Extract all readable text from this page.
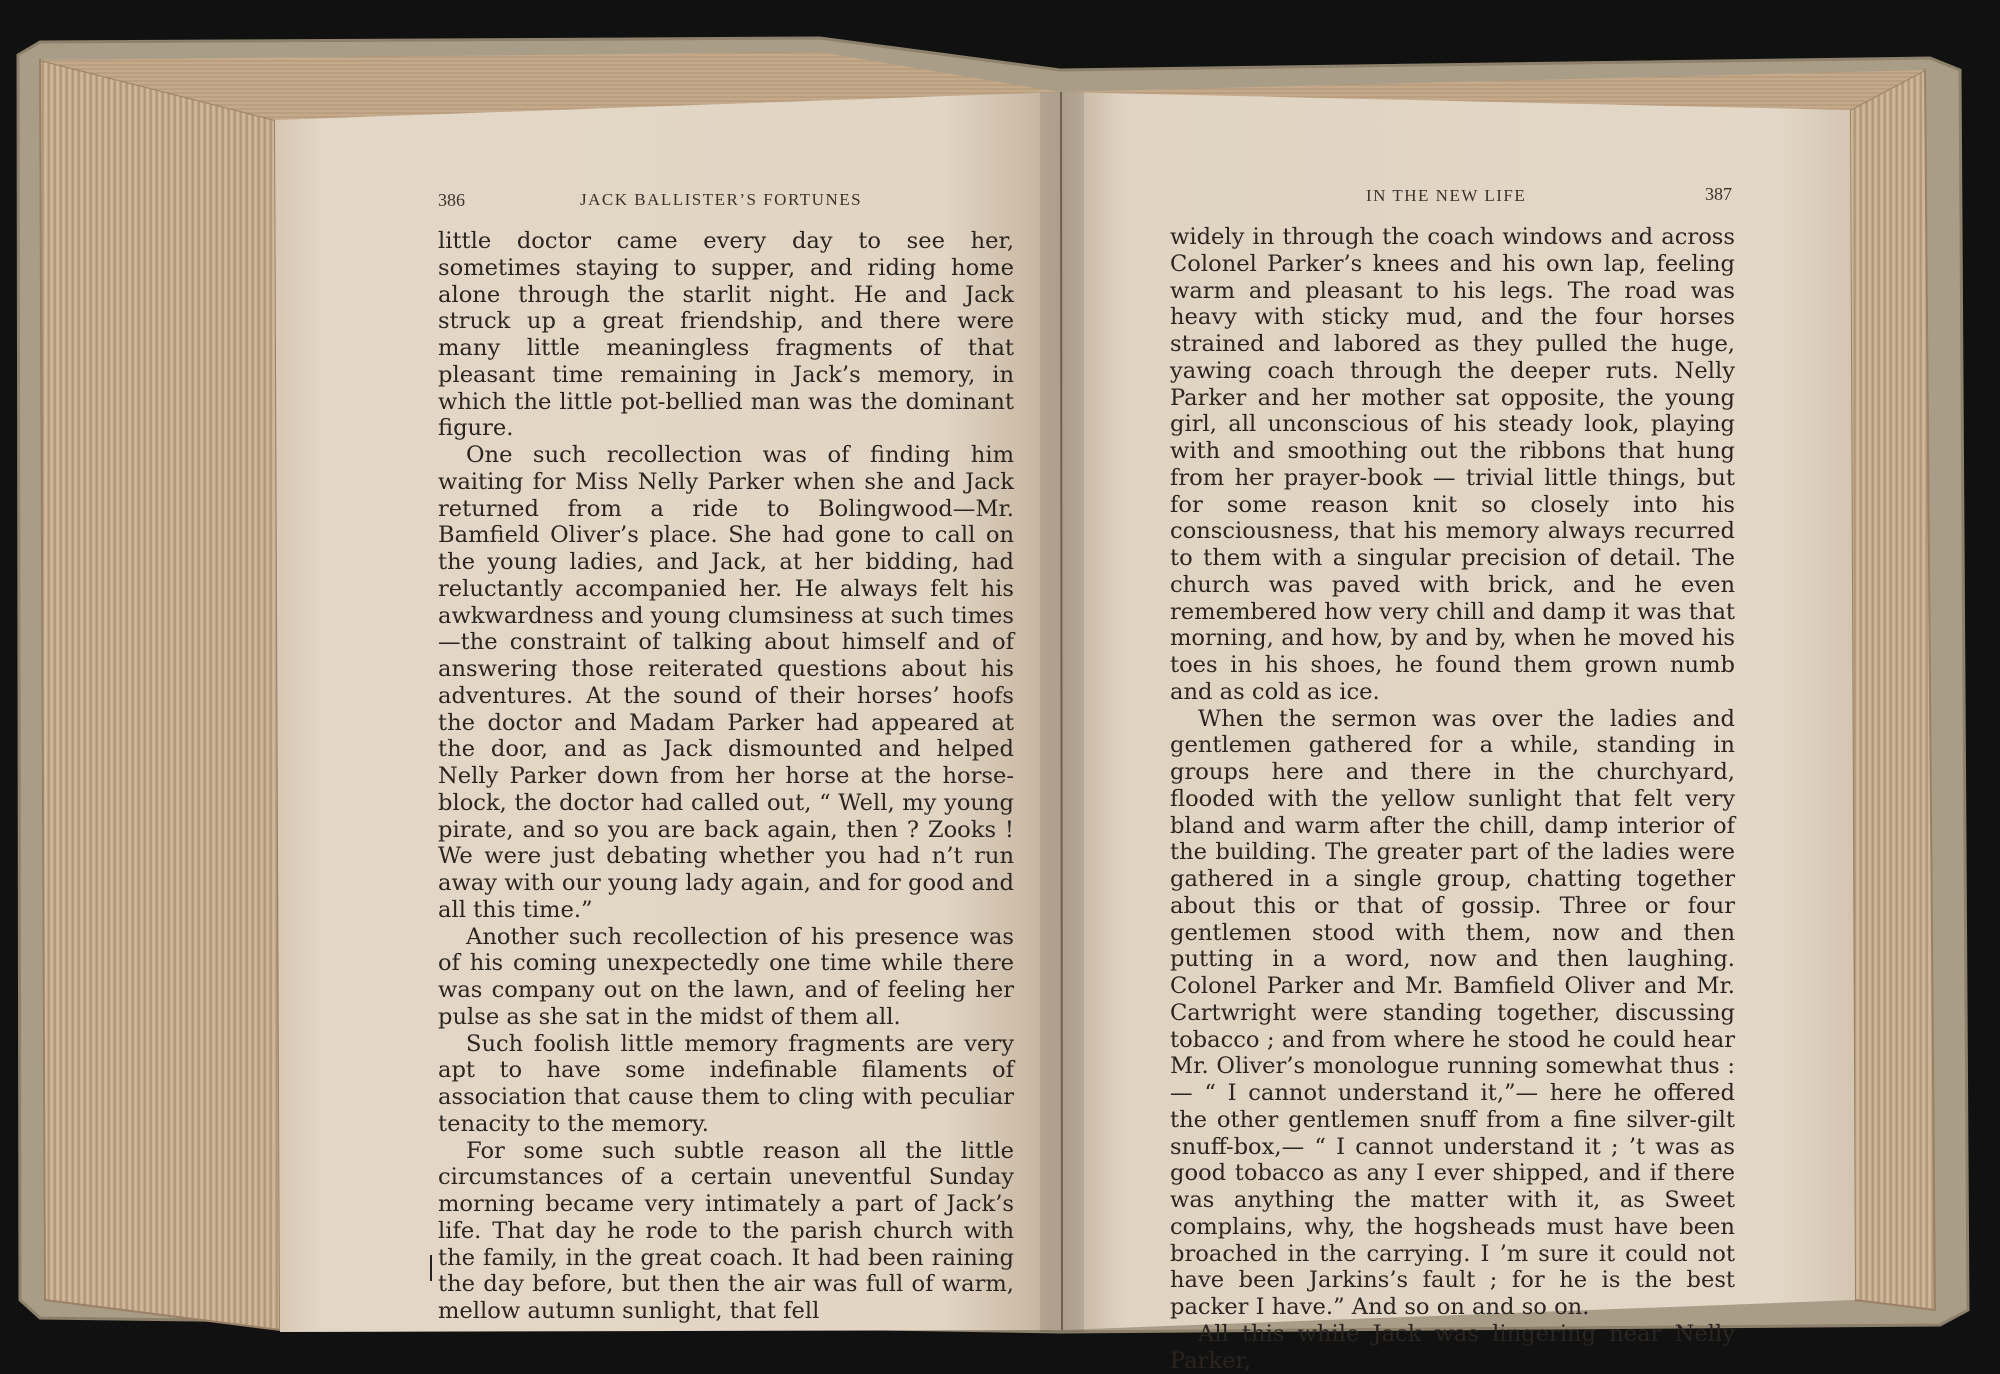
386	JACK BALLISTER’S FORTUNES

little doctor came every day to see her, sometimes staying to supper, and riding home alone through the starlit night. He and Jack struck up a great friendship, and there were many little meaningless fragments of that pleasant time remaining in Jack’s memory, in which the little pot-bellied man was the dominant figure.

One such recollection was of finding him waiting for Miss Nelly Parker when she and Jack returned from a ride to Bolingwood—Mr. Bamfield Oliver’s place. She had gone to call on the young ladies, and Jack, at her bidding, had reluctantly accompanied her. He always felt his awkwardness and young clumsiness at such times—the constraint of talking about himself and of answering those reiterated questions about his adventures. At the sound of their horses’ hoofs the doctor and Madam Parker had appeared at the door, and as Jack dismounted and helped Nelly Parker down from her horse at the horse-block, the doctor had called out, “ Well, my young pirate, and so you are back again, then ? Zooks ! We were just debating whether you had n’t run away with our young lady again, and for good and all this time.”

Another such recollection of his presence was of his coming unexpectedly one time while there was company out on the lawn, and of feeling her pulse as she sat in the midst of them all.

Such foolish little memory fragments are very apt to have some indefinable filaments of association that cause them to cling with peculiar tenacity to the memory.

For some such subtle reason all the little circumstances of a certain uneventful Sunday morning became very intimately a part of Jack’s life. That day he rode to the parish church with the family, in the great coach. It had been raining the day before, but then the air was full of warm, mellow autumn sunlight, that fell

IN THE NEW LIFE	387

widely in through the coach windows and across Colonel Parker’s knees and his own lap, feeling warm and pleasant to his legs. The road was heavy with sticky mud, and the four horses strained and labored as they pulled the huge, yawing coach through the deeper ruts. Nelly Parker and her mother sat opposite, the young girl, all unconscious of his steady look, playing with and smoothing out the ribbons that hung from her prayer-book — trivial little things, but for some reason knit so closely into his consciousness, that his memory always recurred to them with a singular precision of detail. The church was paved with brick, and he even remembered how very chill and damp it was that morning, and how, by and by, when he moved his toes in his shoes, he found them grown numb and as cold as ice.

When the sermon was over the ladies and gentlemen gathered for a while, standing in groups here and there in the churchyard, flooded with the yellow sunlight that felt very bland and warm after the chill, damp interior of the building. The greater part of the ladies were gathered in a single group, chatting together about this or that of gossip. Three or four gentlemen stood with them, now and then putting in a word, now and then laughing. Colonel Parker and Mr. Bamfield Oliver and Mr. Cartwright were standing together, discussing tobacco ; and from where he stood he could hear Mr. Oliver’s monologue running somewhat thus : — “ I cannot understand it,”— here he offered the other gentlemen snuff from a fine silver-gilt snuff-box,— “ I cannot understand it ; ’t was as good tobacco as any I ever shipped, and if there was anything the matter with it, as Sweet complains, why, the hogsheads must have been broached in the carrying. I ’m sure it could not have been Jarkins’s fault ; for he is the best packer I have.” And so on and so on.

All this while Jack was lingering near Nelly Parker,
